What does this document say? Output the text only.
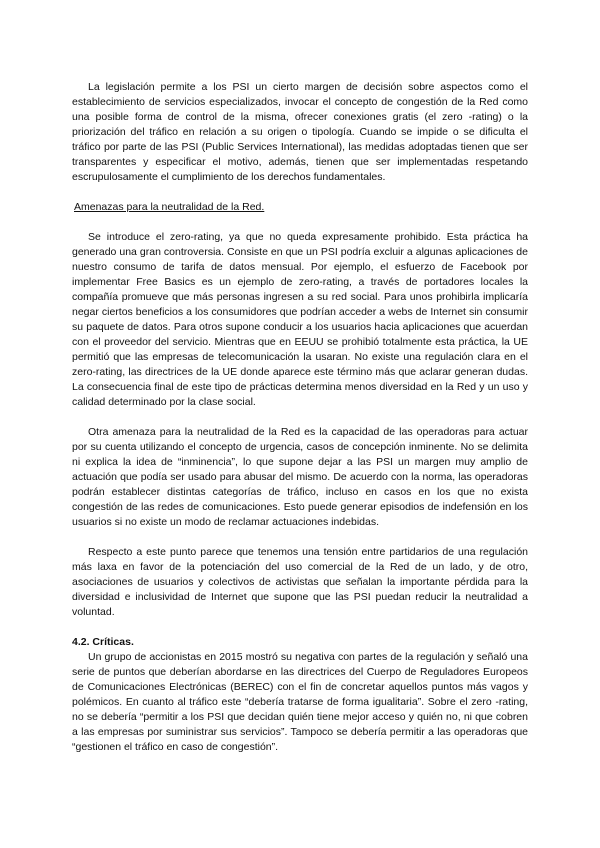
La legislación permite a los PSI un cierto margen de decisión sobre aspectos como el establecimiento de servicios especializados, invocar el concepto de congestión de la Red como una posible forma de control de la misma, ofrecer conexiones gratis (el zero -rating) o la priorización del tráfico en relación a su origen o tipología. Cuando se impide o se dificulta el tráfico por parte de las PSI (Public Services International), las medidas adoptadas tienen que ser transparentes y especificar el motivo, además, tienen que ser implementadas respetando escrupulosamente el cumplimiento de los derechos fundamentales.

Amenazas para la neutralidad de la Red.

Se introduce el zero-rating, ya que no queda expresamente prohibido. Esta práctica ha generado una gran controversia. Consiste en que un PSI podría excluir a algunas aplicaciones de nuestro consumo de tarifa de datos mensual. Por ejemplo, el esfuerzo de Facebook por implementar Free Basics es un ejemplo de zero-rating, a través de portadores locales la compañía promueve que más personas ingresen a su red social. Para unos prohibirla implicaría negar ciertos beneficios a los consumidores que podrían acceder a webs de Internet sin consumir su paquete de datos. Para otros supone conducir a los usuarios hacia aplicaciones que acuerdan con el proveedor del servicio. Mientras que en EEUU se prohibió totalmente esta práctica, la UE permitió que las empresas de telecomunicación la usaran. No existe una regulación clara en el zero-rating, las directrices de la UE donde aparece este término más que aclarar generan dudas. La consecuencia final de este tipo de prácticas determina menos diversidad en la Red y un uso y calidad determinado por la clase social.

Otra amenaza para la neutralidad de la Red es la capacidad de las operadoras para actuar por su cuenta utilizando el concepto de urgencia, casos de concepción inminente. No se delimita ni explica la idea de “inminencia”, lo que supone dejar a las PSI un margen muy amplio de actuación que podía ser usado para abusar del mismo. De acuerdo con la norma, las operadoras podrán establecer distintas categorías de tráfico, incluso en casos en los que no exista congestión de las redes de comunicaciones. Esto puede generar episodios de indefensión en los usuarios si no existe un modo de reclamar actuaciones indebidas.

Respecto a este punto parece que tenemos una tensión entre partidarios de una regulación más laxa en favor de la potenciación del uso comercial de la Red de un lado, y de otro, asociaciones de usuarios y colectivos de activistas que señalan la importante pérdida para la diversidad e inclusividad de Internet que supone que las PSI puedan reducir la neutralidad a voluntad.

4.2. Críticas.

Un grupo de accionistas en 2015 mostró su negativa con partes de la regulación y señaló una serie de puntos que deberían abordarse en las directrices del Cuerpo de Reguladores Europeos de Comunicaciones Electrónicas (BEREC) con el fin de concretar aquellos puntos más vagos y polémicos. En cuanto al tráfico este “debería tratarse de forma igualitaria”. Sobre el zero -rating, no se debería “permitir a los PSI que decidan quién tiene mejor acceso y quién no, ni que cobren a las empresas por suministrar sus servicios”. Tampoco se debería permitir a las operadoras que “gestionen el tráfico en caso de congestión”.
